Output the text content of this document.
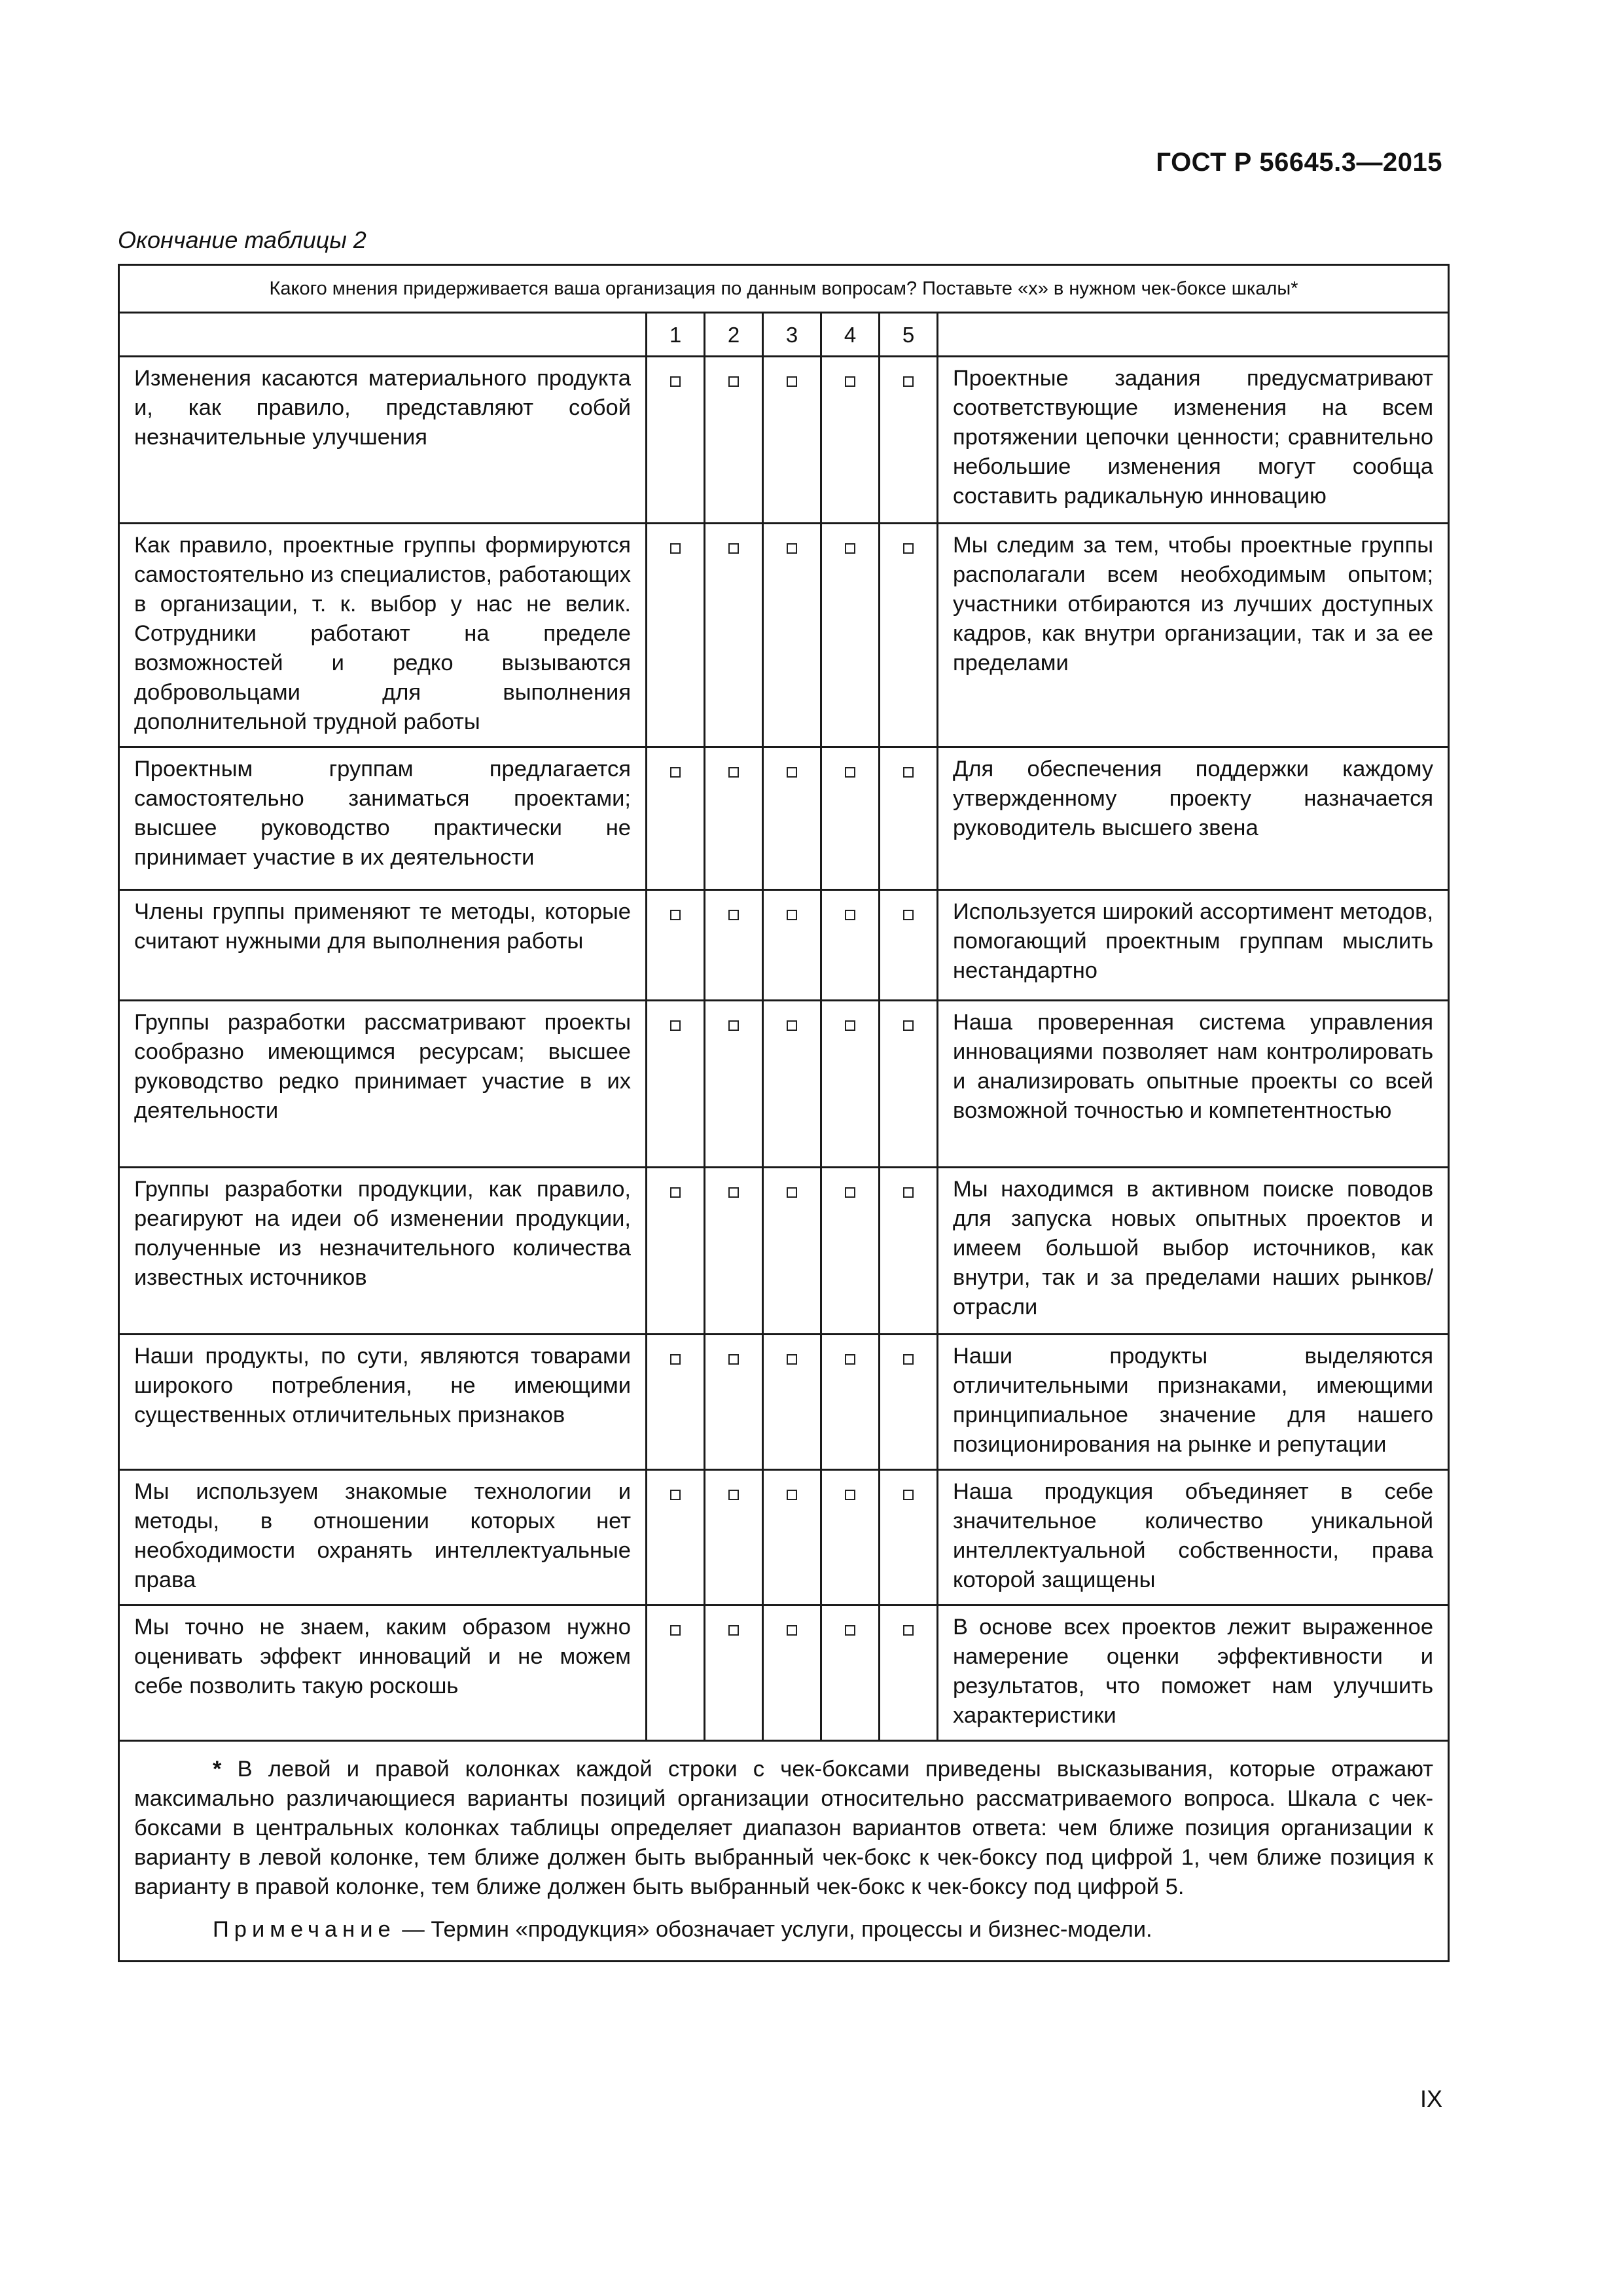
ГОСТ Р 56645.3—2015
Окончание таблицы 2
Какого мнения придерживается ваша организация по данным вопросам? Поставьте «х» в нужном чек-боксе шкалы*						
	1	2	3	4	5	
Изменения касаются материального продукта и, как правило, представляют собой незначительные улучшения						Проектные задания предусматривают соответствующие изменения на всем протяжении цепочки ценности; сравнительно небольшие изменения могут сообща составить радикальную инновацию
Как правило, проектные группы формируются самостоятельно из специалистов, работающих в организации, т. к. выбор у нас не велик. Сотрудники работают на пределе возможностей и редко вызываются добровольцами для выполнения дополнительной трудной работы						Мы следим за тем, чтобы проектные группы располагали всем необходимым опытом; участники отбираются из лучших доступных кадров, как внутри организации, так и за ее пределами
Проектным группам предлагается самостоятельно заниматься проектами; высшее руководство практически не принимает участие в их деятельности						Для обеспечения поддержки каждому утвержденному проекту назначается руководитель высшего звена
Члены группы применяют те методы, которые считают нужными для выполнения работы						Используется широкий ассортимент методов, помогающий проектным группам мыслить нестандартно
Группы разработки рассматривают проекты сообразно имеющимся ресурсам; высшее руководство редко принимает участие в их деятельности						Наша проверенная система управления инновациями позволяет нам контролировать и анализировать опытные проекты со всей возможной точностью и компетентностью
Группы разработки продукции, как правило, реагируют на идеи об изменении продукции, полученные из незначительного количества известных источников						Мы находимся в активном поиске поводов для запуска новых опытных проектов и имеем большой выбор источников, как внутри, так и за пределами наших рынков/отрасли
Наши продукты, по сути, являются товарами широкого потребления, не имеющими существенных отличительных признаков						Наши продукты выделяются отличительными признаками, имеющими принципиальное значение для нашего позиционирования на рынке и репутации
Мы используем знакомые технологии и методы, в отношении которых нет необходимости охранять интеллектуальные права						Наша продукция объединяет в себе значительное количество уникальной интеллектуальной собственности, права которой защищены
Мы точно не знаем, каким образом нужно оценивать эффект инноваций и не можем себе позволить такую роскошь						В основе всех проектов лежит выраженное намерение оценки эффективности и результатов, что поможет нам улучшить характеристики

* В левой и правой колонках каждой строки с чек-боксами приведены высказывания, которые отражают максимально различающиеся варианты позиций организации относительно рассматриваемого вопроса. Шкала с чек-боксами в центральных колонках таблицы определяет диапазон вариантов ответа: чем ближе позиция организации к варианту в левой колонке, тем ближе должен быть выбранный чек-бокс к чек-боксу под цифрой 1, чем ближе позиция к варианту в правой колонке, тем ближе должен быть выбранный чек-бокс к чек-боксу под цифрой 5.
Примечание — Термин «продукция» обозначает услуги, процессы и бизнес-модели.						
IX
